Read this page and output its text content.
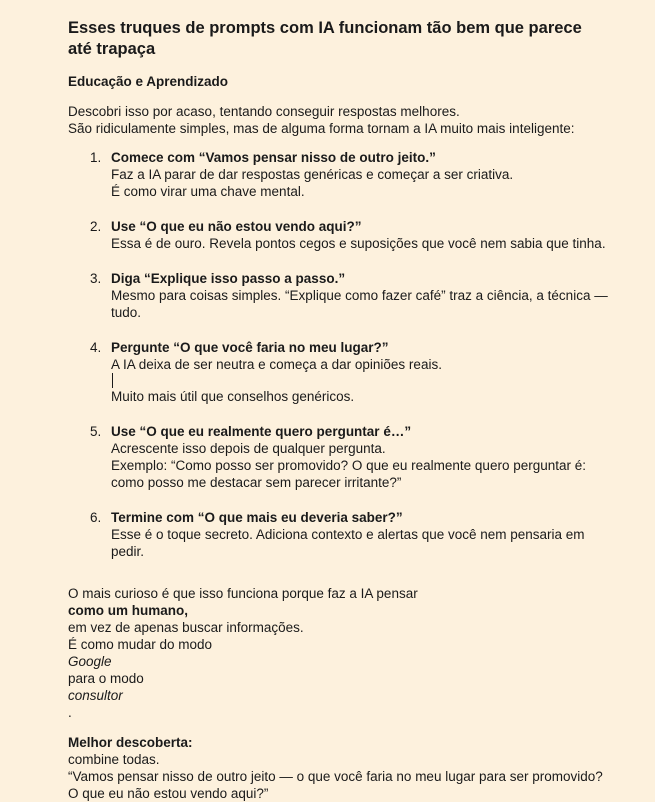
Esses truques de prompts com IA funcionam tão bem que parece até trapaça
Educação e Aprendizado

Descobri isso por acaso, tentando conseguir respostas melhores.
São ridiculamente simples, mas de alguma forma tornam a IA muito mais inteligente:

1. Comece com “Vamos pensar nisso de outro jeito.”
Faz a IA parar de dar respostas genéricas e começar a ser criativa.
É como virar uma chave mental.
2. Use “O que eu não estou vendo aqui?”
Essa é de ouro. Revela pontos cegos e suposições que você nem sabia que tinha.
3. Diga “Explique isso passo a passo.”
Mesmo para coisas simples. “Explique como fazer café” traz a ciência, a técnica — tudo.
4. Pergunte “O que você faria no meu lugar?”
A IA deixa de ser neutra e começa a dar opiniões reais.
Muito mais útil que conselhos genéricos.
5. Use “O que eu realmente quero perguntar é…”
Acrescente isso depois de qualquer pergunta.
Exemplo: “Como posso ser promovido? O que eu realmente quero perguntar é:
como posso me destacar sem parecer irritante?”
6. Termine com “O que mais eu deveria saber?”
Esse é o toque secreto. Adiciona contexto e alertas que você nem pensaria em pedir.

O mais curioso é que isso funciona porque faz a IA pensar
como um humano,
em vez de apenas buscar informações.
É como mudar do modo
Google
para o modo
consultor
.

Melhor descoberta:
combine todas.
“Vamos pensar nisso de outro jeito — o que você faria no meu lugar para ser promovido?
O que eu não estou vendo aqui?”
